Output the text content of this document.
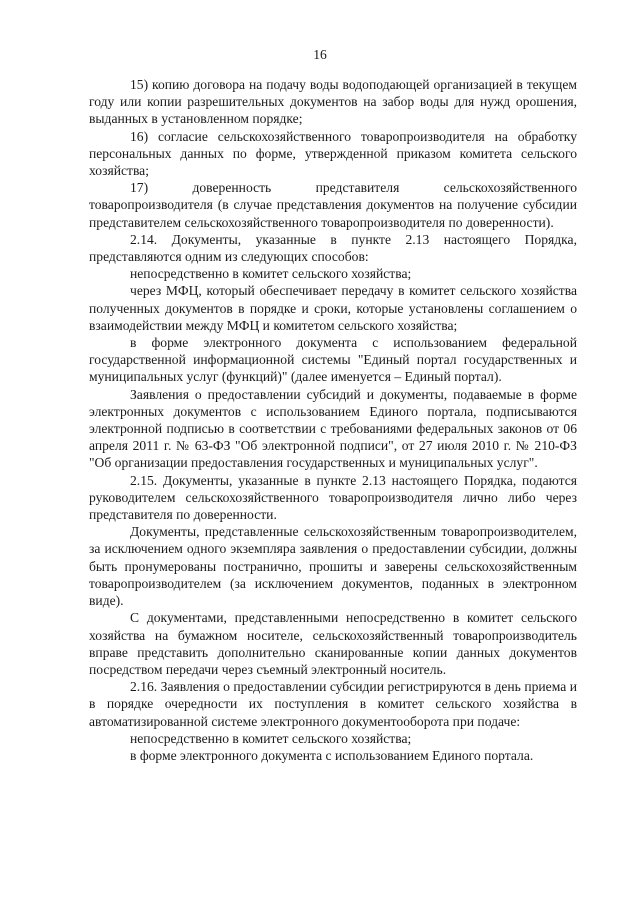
16

15) копию договора на подачу воды водоподающей организацией в текущем году или копии разрешительных документов на забор воды для нужд орошения, выданных в установленном порядке;

16) согласие сельскохозяйственного товаропроизводителя на обработку персональных данных по форме, утвержденной приказом комитета сельского хозяйства;

17) доверенность представителя сельскохозяйственного товаропроизводителя (в случае представления документов на получение субсидии представителем сельскохозяйственного товаропроизводителя по доверенности).

2.14. Документы, указанные в пункте 2.13 настоящего Порядка, представляются одним из следующих способов:

непосредственно в комитет сельского хозяйства;

через МФЦ, который обеспечивает передачу в комитет сельского хозяйства полученных документов в порядке и сроки, которые установлены соглашением о взаимодействии между МФЦ и комитетом сельского хозяйства;

в форме электронного документа с использованием федеральной государственной информационной системы "Единый портал государственных и муниципальных услуг (функций)" (далее именуется – Единый портал).

Заявления о предоставлении субсидий и документы, подаваемые в форме электронных документов с использованием Единого портала, подписываются электронной подписью в соответствии с требованиями федеральных законов от 06 апреля 2011 г. № 63-ФЗ "Об электронной подписи", от 27 июля 2010 г. № 210-ФЗ "Об организации предоставления государственных и муниципальных услуг".

2.15. Документы, указанные в пункте 2.13 настоящего Порядка, подаются руководителем сельскохозяйственного товаропроизводителя лично либо через представителя по доверенности.

Документы, представленные сельскохозяйственным товаропроизводителем, за исключением одного экземпляра заявления о предоставлении субсидии, должны быть пронумерованы постранично, прошиты и заверены сельскохозяйственным товаропроизводителем (за исключением документов, поданных в электронном виде).

С документами, представленными непосредственно в комитет сельского хозяйства на бумажном носителе, сельскохозяйственный товаропроизводитель вправе представить дополнительно сканированные копии данных документов посредством передачи через съемный электронный носитель.

2.16. Заявления о предоставлении субсидии регистрируются в день приема и в порядке очередности их поступления в комитет сельского хозяйства в автоматизированной системе электронного документооборота при подаче:

непосредственно в комитет сельского хозяйства;

в форме электронного документа с использованием Единого портала.
